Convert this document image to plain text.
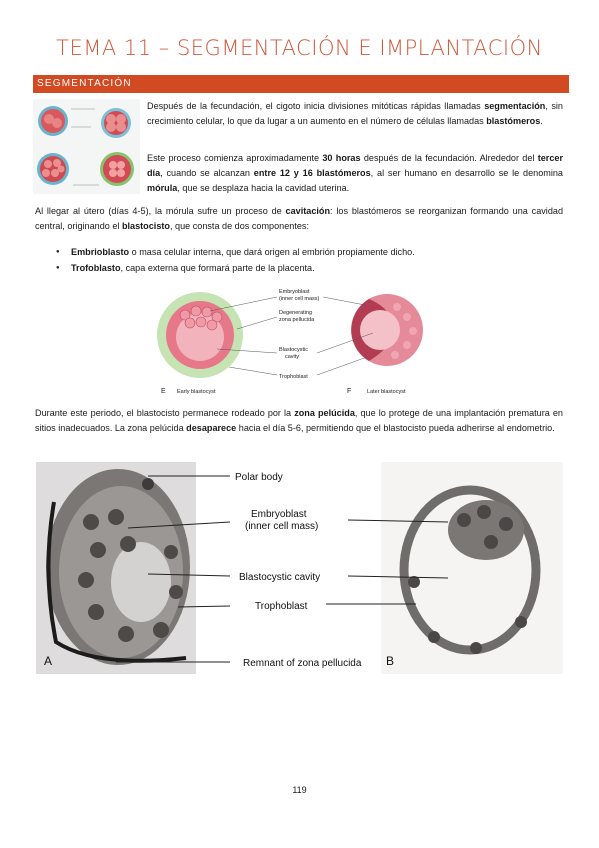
TEMA 11 – SEGMENTACIÓN E IMPLANTACIÓN
SEGMENTACIÓN

Después de la fecundación, el cigoto inicia divisiones mitóticas rápidas llamadas segmentación, sin crecimiento celular, lo que da lugar a un aumento en el número de células llamadas blastómeros.

Este proceso comienza aproximadamente 30 horas después de la fecundación. Alrededor del tercer día, cuando se alcanzan entre 12 y 16 blastómeros, al ser humano en desarrollo se le denomina mórula, que se desplaza hacia la cavidad uterina.

Al llegar al útero (días 4-5), la mórula sufre un proceso de cavitación: los blastómeros se reorganizan formando una cavidad central, originando el blastocisto, que consta de dos componentes:

● Embrioblasto o masa celular interna, que dará origen al embrión propiamente dicho.
● Trofoblasto, capa externa que formará parte de la placenta.
E Early blastocyst	F	Later blastocyst
Embryoblast
(inner cell mass)
Degenerating
zona pellucida
Blastocystic
cavity
Trophoblast

Durante este periodo, el blastocisto permanece rodeado por la zona pelúcida, que lo protege de una implantación prematura en sitios inadecuados. La zona pelúcida desaparece hacia el día 5-6, permitiendo que el blastocisto pueda adherirse al endometrio.

A	B
Polar body
Embryoblast
(inner cell mass)
Blastocystic cavity
Trophoblast
Remnant of zona pellucida
119
